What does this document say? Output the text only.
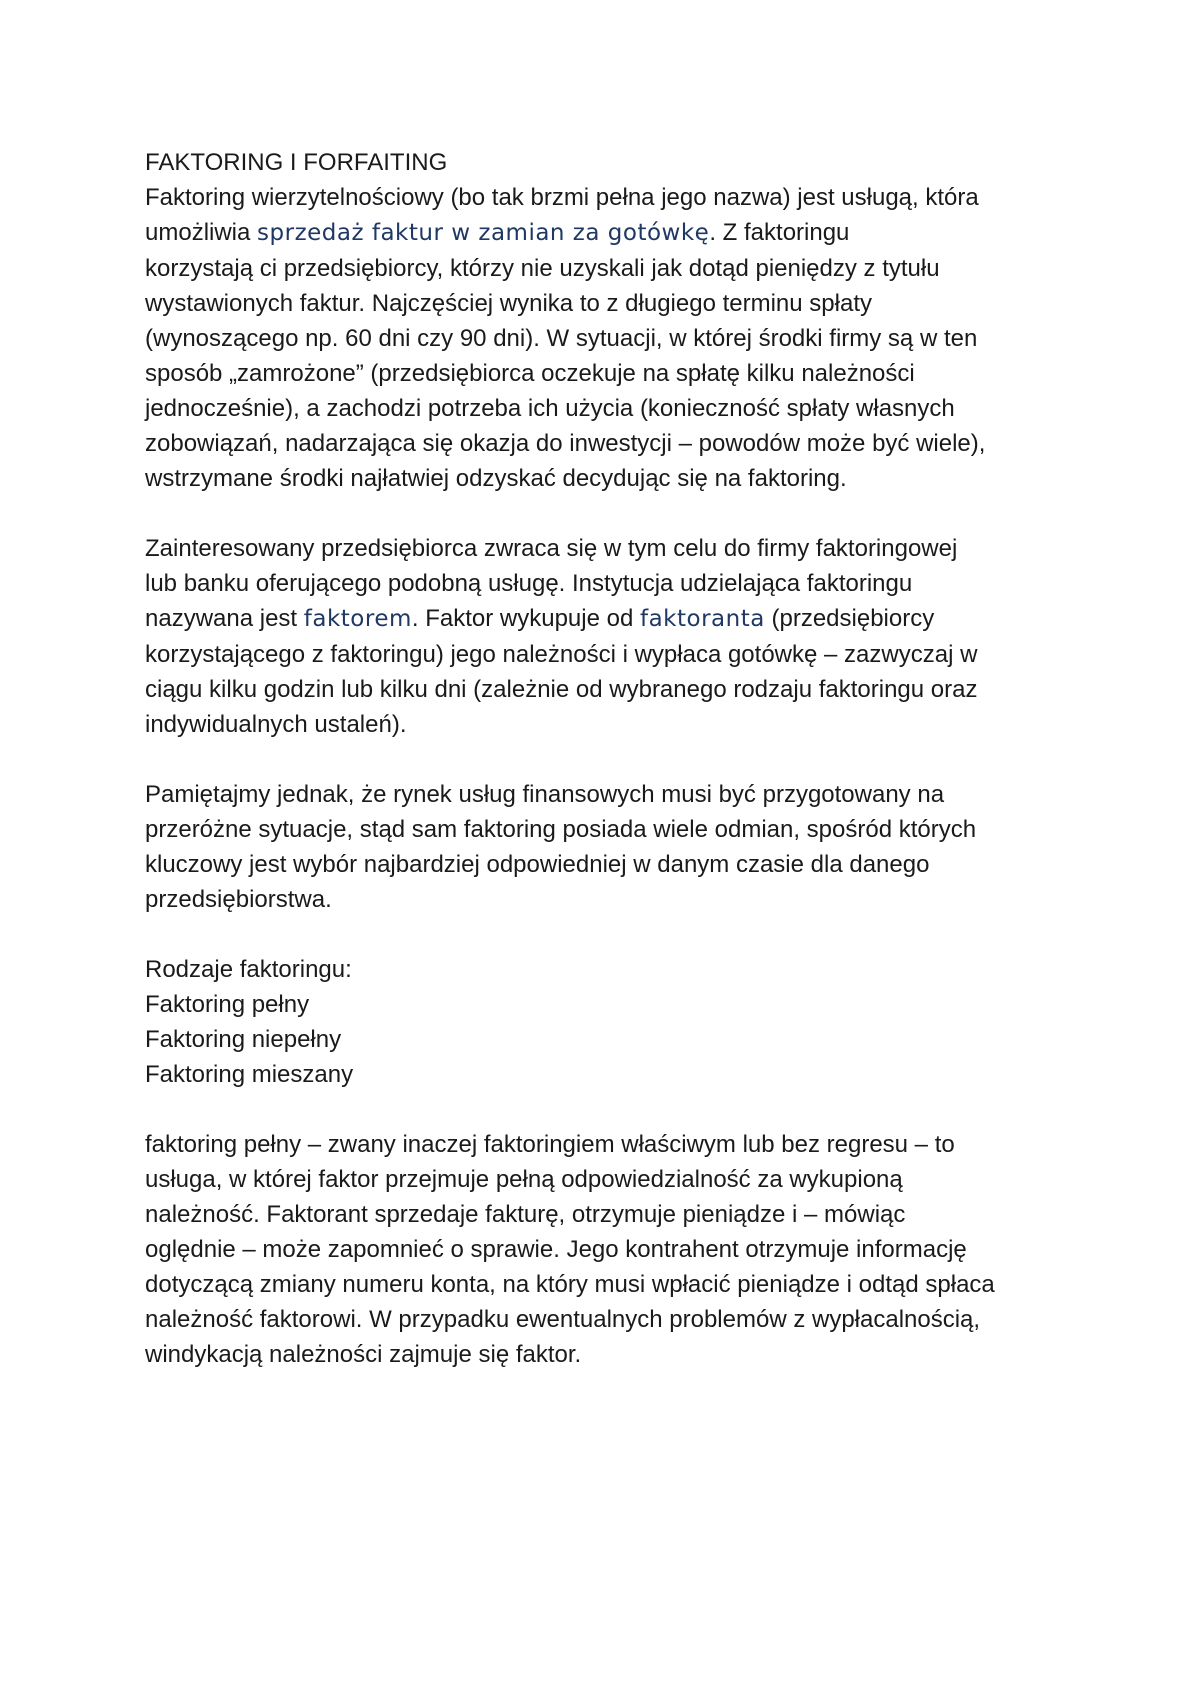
FAKTORING I FORFAITING
Faktoring wierzytelnościowy (bo tak brzmi pełna jego nazwa) jest usługą, która
umożliwia sprzedaż faktur w zamian za gotówkę. Z faktoringu
korzystają ci przedsiębiorcy, którzy nie uzyskali jak dotąd pieniędzy z tytułu
wystawionych faktur. Najczęściej wynika to z długiego terminu spłaty
(wynoszącego np. 60 dni czy 90 dni). W sytuacji, w której środki firmy są w ten
sposób „zamrożone” (przedsiębiorca oczekuje na spłatę kilku należności
jednocześnie), a zachodzi potrzeba ich użycia (konieczność spłaty własnych
zobowiązań, nadarzająca się okazja do inwestycji – powodów może być wiele),
wstrzymane środki najłatwiej odzyskać decydując się na faktoring.
Zainteresowany przedsiębiorca zwraca się w tym celu do firmy faktoringowej
lub banku oferującego podobną usługę. Instytucja udzielająca faktoringu
nazywana jest faktorem. Faktor wykupuje od faktoranta (przedsiębiorcy
korzystającego z faktoringu) jego należności i wypłaca gotówkę – zazwyczaj w
ciągu kilku godzin lub kilku dni (zależnie od wybranego rodzaju faktoringu oraz
indywidualnych ustaleń).
Pamiętajmy jednak, że rynek usług finansowych musi być przygotowany na
przeróżne sytuacje, stąd sam faktoring posiada wiele odmian, spośród których
kluczowy jest wybór najbardziej odpowiedniej w danym czasie dla danego
przedsiębiorstwa.
Rodzaje faktoringu:
Faktoring pełny
Faktoring niepełny
Faktoring mieszany
faktoring pełny – zwany inaczej faktoringiem właściwym lub bez regresu – to
usługa, w której faktor przejmuje pełną odpowiedzialność za wykupioną
należność. Faktorant sprzedaje fakturę, otrzymuje pieniądze i – mówiąc
oględnie – może zapomnieć o sprawie. Jego kontrahent otrzymuje informację
dotyczącą zmiany numeru konta, na który musi wpłacić pieniądze i odtąd spłaca
należność faktorowi. W przypadku ewentualnych problemów z wypłacalnością,
windykacją należności zajmuje się faktor.
